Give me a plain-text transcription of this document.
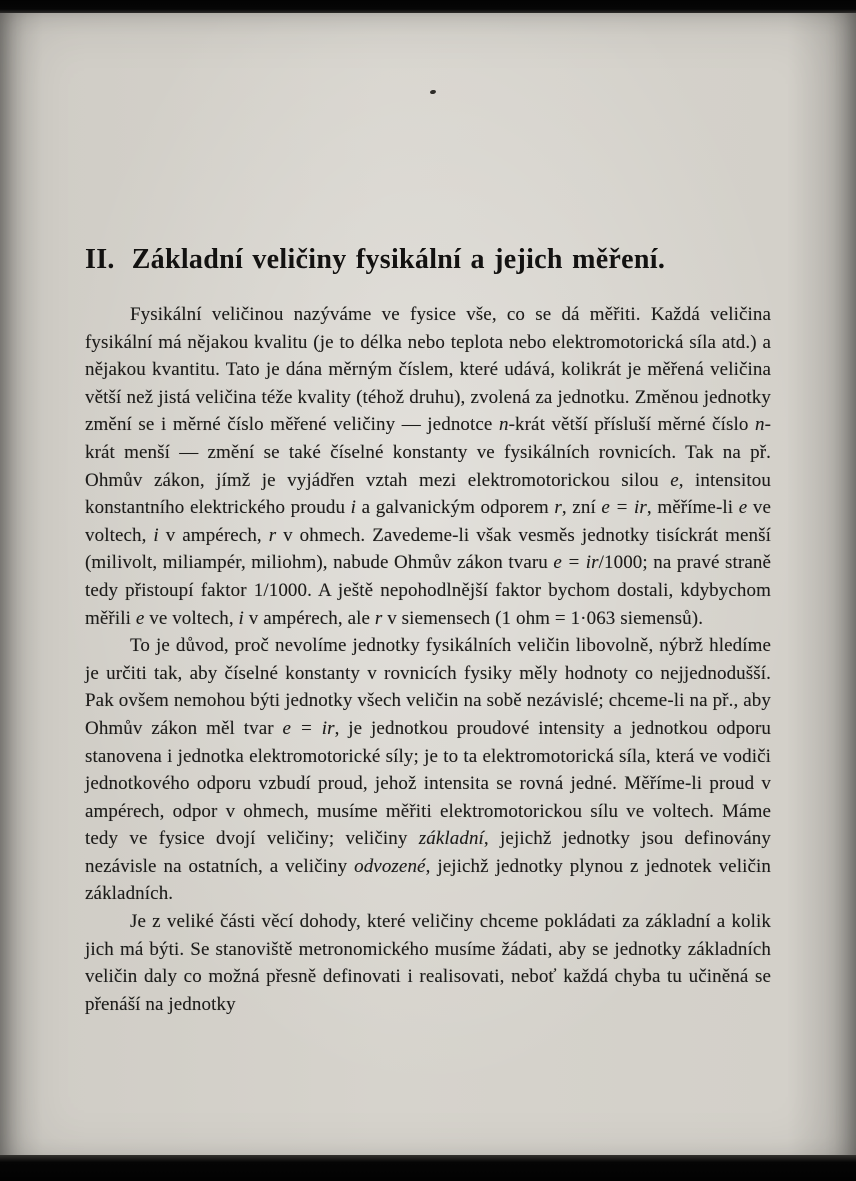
II. Základní veličiny fysikální a jejich měření.

Fysikální veličinou nazýváme ve fysice vše, co se dá měřiti. Každá veličina fysikální má nějakou kvalitu (je to délka nebo teplota nebo elektromotorická síla atd.) a nějakou kvantitu. Tato je dána měrným číslem, které udává, kolikrát je měřená veličina větší než jistá veličina téže kvality (téhož druhu), zvolená za jednotku. Změnou jednotky změní se i měrné číslo měřené veličiny — jednotce n-krát větší přísluší měrné číslo n-krát menší — změní se také číselné konstanty ve fysikálních rovnicích. Tak na př. Ohmův zákon, jímž je vyjádřen vztah mezi elektromotorickou silou e, intensitou konstantního elektrického proudu i a galvanickým odporem r, zní e = ir, měříme-li e ve voltech, i v ampérech, r v ohmech. Zavedeme-li však vesměs jednotky tisíckrát menší (milivolt, miliampér, miliohm), nabude Ohmův zákon tvaru e = ir/1000; na pravé straně tedy přistoupí faktor 1/1000. A ještě nepohodlnější faktor bychom dostali, kdybychom měřili e ve voltech, i v ampérech, ale r v siemensech (1 ohm = 1·063 siemensů).

To je důvod, proč nevolíme jednotky fysikálních veličin libovolně, nýbrž hledíme je určiti tak, aby číselné konstanty v rovnicích fysiky měly hodnoty co nejjednodušší. Pak ovšem nemohou býti jednotky všech veličin na sobě nezávislé; chceme-li na př., aby Ohmův zákon měl tvar e = ir, je jednotkou proudové intensity a jednotkou odporu stanovena i jednotka elektromotorické síly; je to ta elektromotorická síla, která ve vodiči jednotkového odporu vzbudí proud, jehož intensita se rovná jedné. Měříme-li proud v ampérech, odpor v ohmech, musíme měřiti elektromotorickou sílu ve voltech. Máme tedy ve fysice dvojí veličiny; veličiny základní, jejichž jednotky jsou definovány nezávisle na ostatních, a veličiny odvozené, jejichž jednotky plynou z jednotek veličin základních.

Je z veliké části věcí dohody, které veličiny chceme pokládati za základní a kolik jich má býti. Se stanoviště metronomického musíme žádati, aby se jednotky základních veličin daly co možná přesně definovati i realisovati, neboť každá chyba tu učiněná se přenáší na jednotky
